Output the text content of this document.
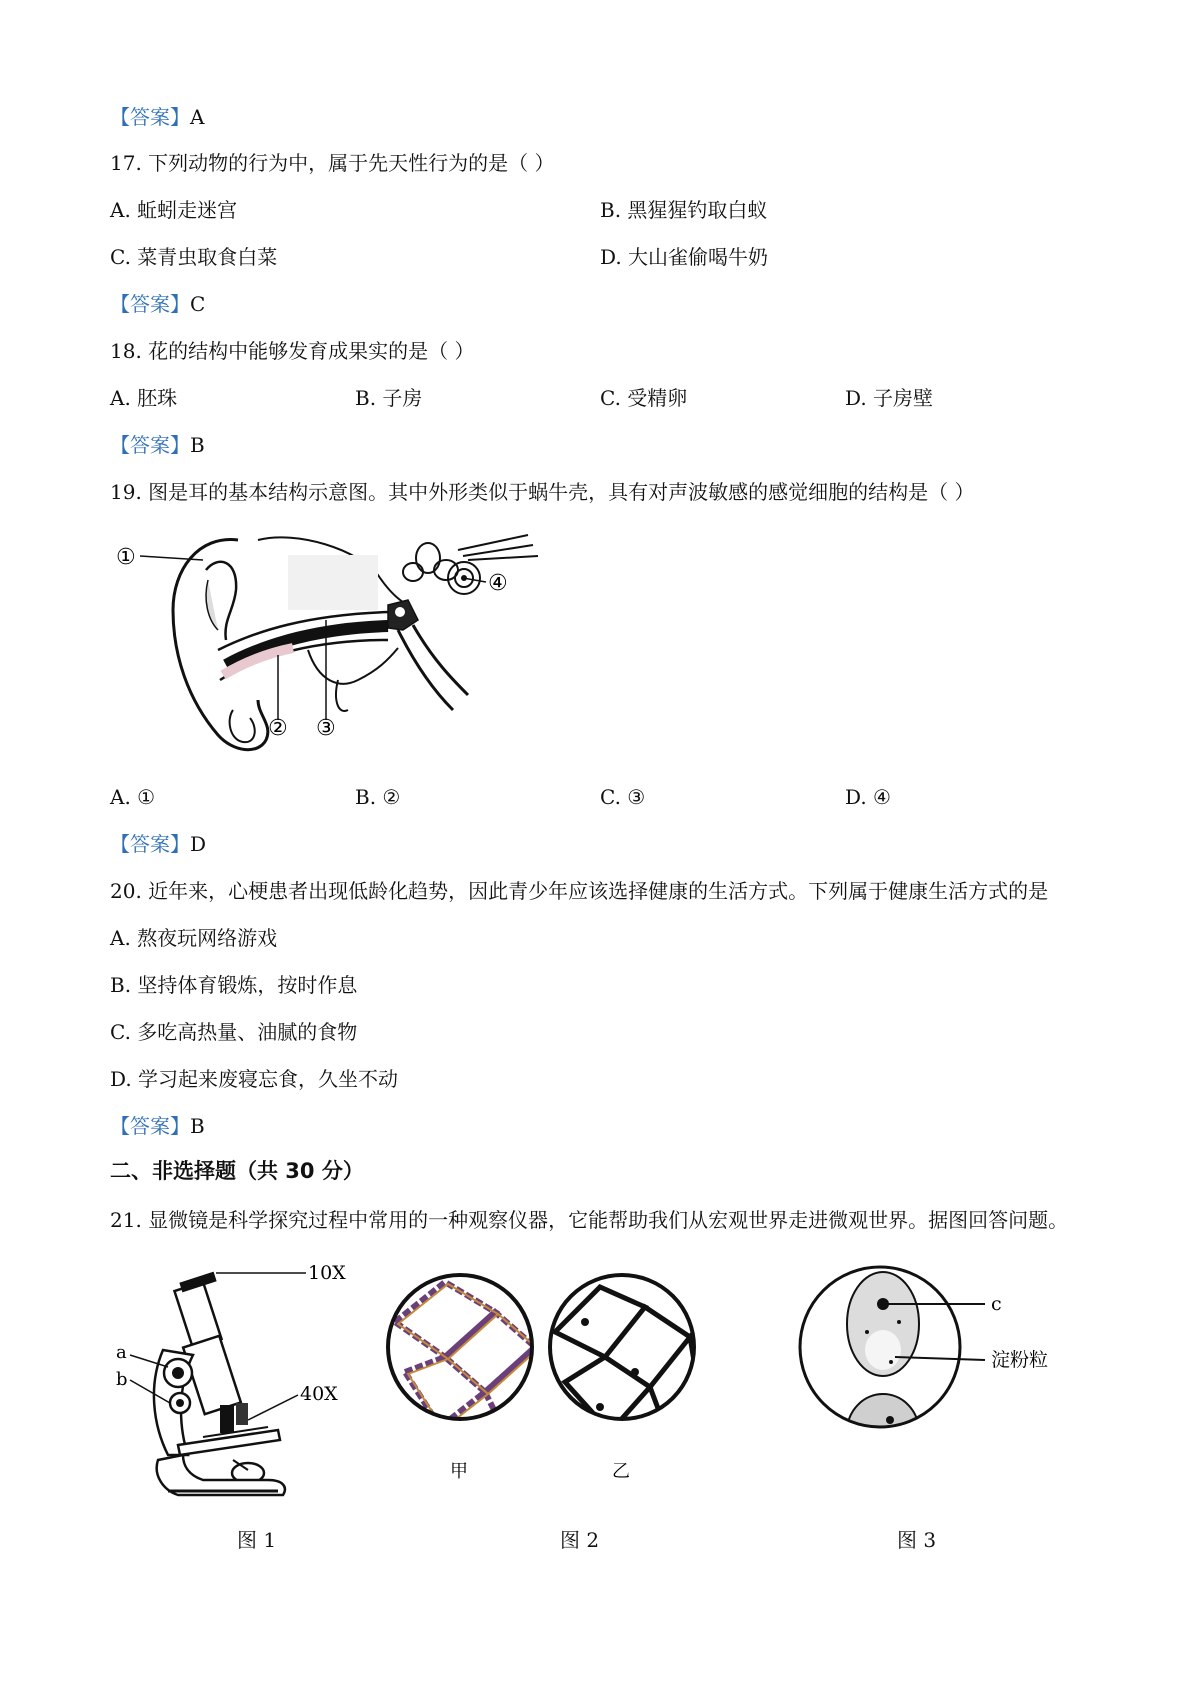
【答案】A
17. 下列动物的行为中，属于先天性行为的是（ ）
A. 蚯蚓走迷宫	B. 黑猩猩钓取白蚁
C. 菜青虫取食白菜	D. 大山雀偷喝牛奶
【答案】C
18. 花的结构中能够发育成果实的是（ ）
A. 胚珠	B. 子房	C. 受精卵	D. 子房壁
【答案】B
19. 图是耳的基本结构示意图。其中外形类似于蜗牛壳，具有对声波敏感的感觉细胞的结构是（ ）
①
② ③
④
A. ①	B. ②	C. ③	D. ④
【答案】D
20. 近年来，心梗患者出现低龄化趋势，因此青少年应该选择健康的生活方式。下列属于健康生活方式的是
A. 熬夜玩网络游戏
B. 坚持体育锻炼，按时作息
C. 多吃高热量、油腻的食物
D. 学习起来废寝忘食，久坐不动
【答案】B
二、非选择题（共 30 分）
21. 显微镜是科学探究过程中常用的一种观察仪器，它能帮助我们从宏观世界走进微观世界。据图回答问题。
10X
40X
a
b
甲	乙
c
淀粉粒
图 1	图 2	图 3
